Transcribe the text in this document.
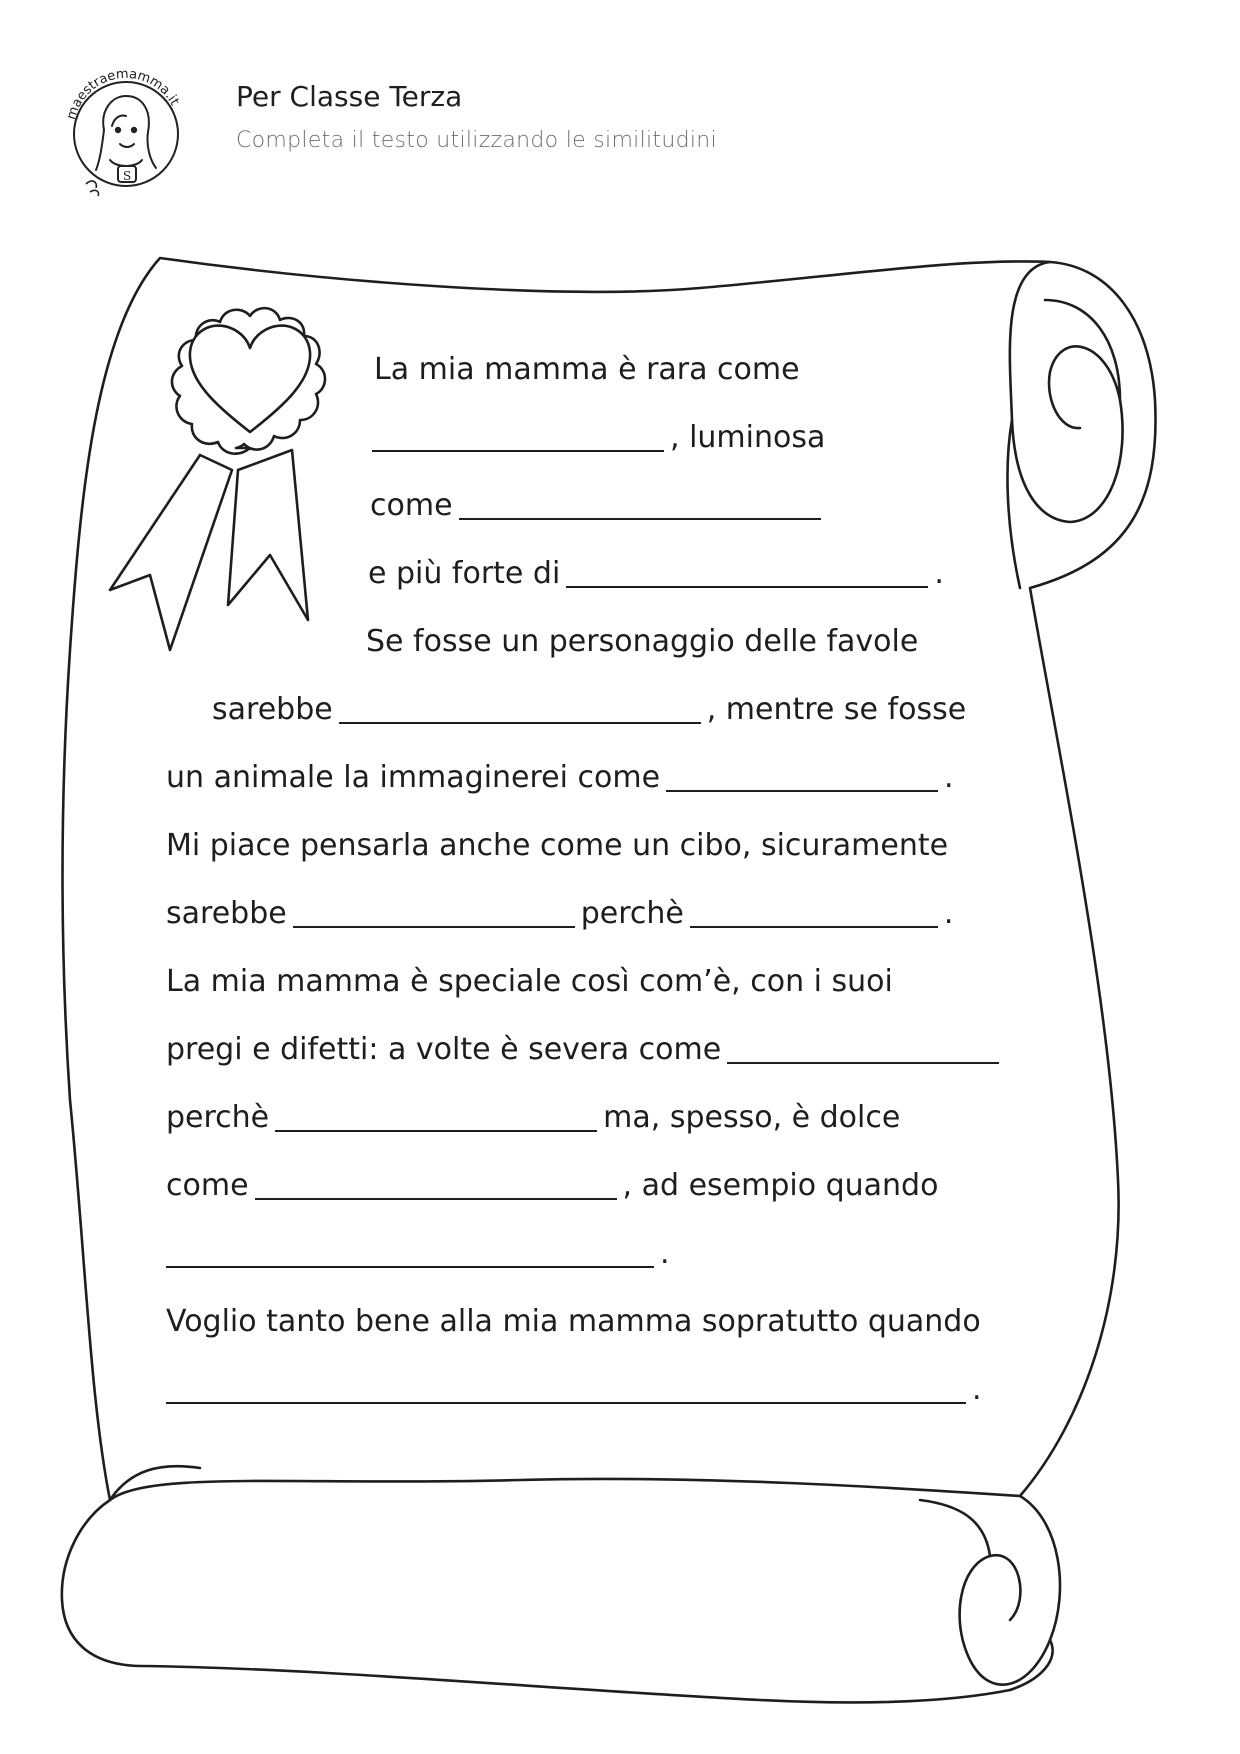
maestraemamma.it
S
Per Classe Terza
Completa il testo utilizzando le similitudini
La mia mamma è rara come
, luminosa
come
e più forte di	.
Se fosse un personaggio delle favole
sarebbe	, mentre se fosse
un animale la immaginerei come	.
Mi piace pensarla anche come un cibo, sicuramente
sarebbe	perchè	.
La mia mamma è speciale così com’è, con i suoi
pregi e difetti: a volte è severa come
perchè	ma, spesso, è dolce
come	, ad esempio quando
.
Voglio tanto bene alla mia mamma sopratutto quando
.
